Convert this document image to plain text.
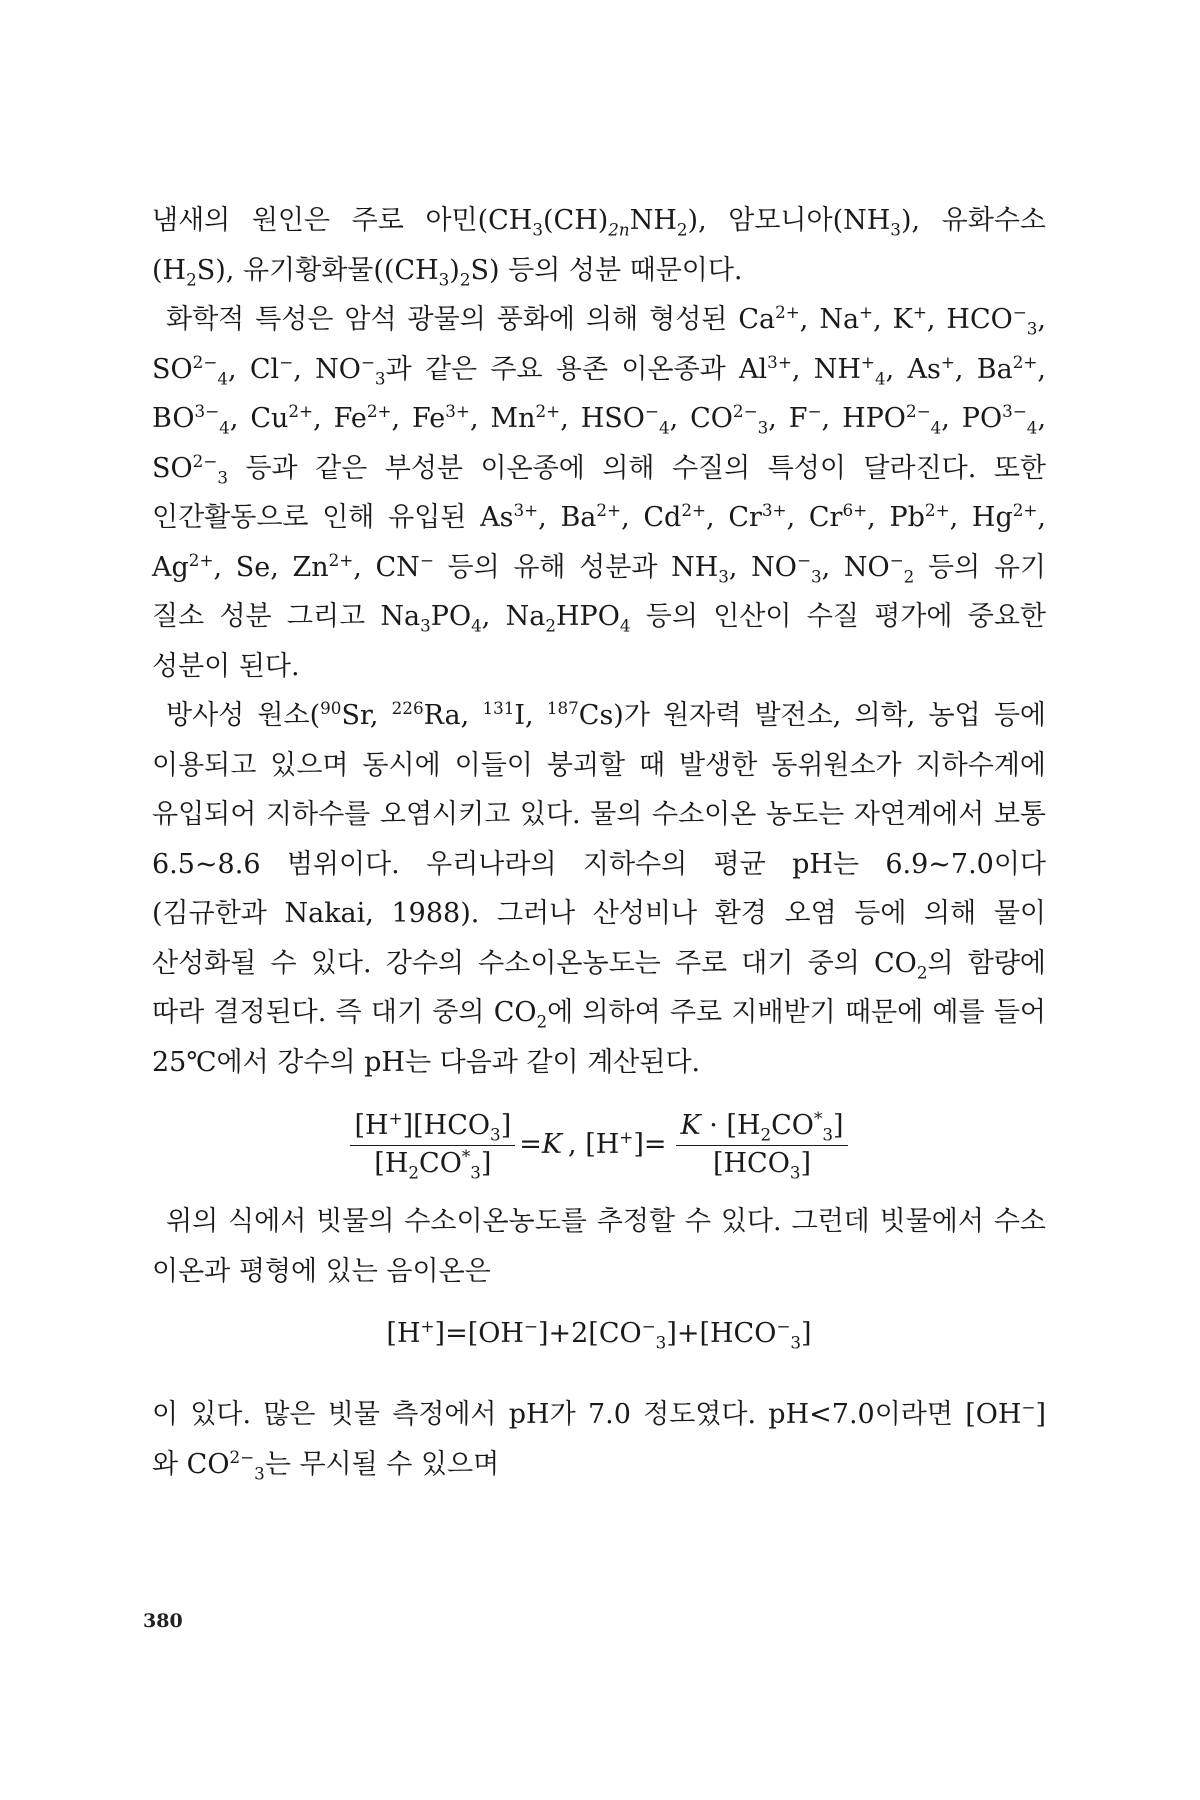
냄새의 원인은 주로 아민$(CH_3(CH)_{2n}NH_2)$, 암모니아$(NH_3)$, 유화수소 $(H_2S)$, 유기황화물$((CH_3)_2S)$ 등의 성분 때문이다.

화학적 특성은 암석 광물의 풍화에 의해 형성된 $Ca^{2+}$, Na+, K+, $HCO^-_3$, $SO^{2-}_4$, Cl−, $NO^-_3$과 같은 주요 용존 이온종과 $Al^{3+}$, $NH^+_4$, As+, $Ba^{2+}$, $BO^{3-}_4$, $Cu^{2+}$, $Fe^{2+}$, $Fe^{3+}$, $Mn^{2+}$, $HSO^-_4$, $CO^{2-}_3$, F−, $HPO^{2-}_4$, $PO^{3-}_4$, $SO^{2-}_3$ 등과 같은 부성분 이온종에 의해 수질의 특성이 달라진다. 또한 인간활동으로 인해 유입된 $As^{3+}$, $Ba^{2+}$, $Cd^{2+}$, $Cr^{3+}$, $Cr^{6+}$, $Pb^{2+}$, $Hg^{2+}$, $Ag^{2+}$, Se, $Zn^{2+}$, CN− 등의 유해 성분과 $NH_3$, $NO^-_3$, $NO^-_2$ 등의 유기 질소 성분 그리고 $Na_3PO_4$, $Na_2HPO_4$ 등의 인산이 수질 평가에 중요한 성분이 된다.

방사성 원소($^{90}$Sr, $^{226}$Ra, $^{131}$I, $^{187}$Cs)가 원자력 발전소, 의학, 농업 등에 이용되고 있으며 동시에 이들이 붕괴할 때 발생한 동위원소가 지하수계에 유입되어 지하수를 오염시키고 있다. 물의 수소이온 농도는 자연계에서 보통 6.5~8.6 범위이다. 우리나라의 지하수의 평균 pH는 6.9~7.0이다(김규한과 Nakai, 1988). 그러나 산성비나 환경 오염 등에 의해 물이 산성화될 수 있다. 강수의 수소이온농도는 주로 대기 중의 $CO_2$의 함량에 따라 결정된다. 즉 대기 중의 $CO_2$에 의하여 주로 지배받기 때문에 예를 들어 25℃에서 강수의 pH는 다음과 같이 계산된다.

$\frac{[H^+][HCO_3]}{[H_2CO^*_3]} = K$ , $[H^+]= \frac{K \cdot [H_2CO^*_3]}{[HCO_3]}$

위의 식에서 빗물의 수소이온농도를 추정할 수 있다. 그런데 빗물에서 수소 이온과 평형에 있는 음이온은

$[H^+]=[OH^-]+2[CO^-_3]+[HCO^-_3]$

이 있다. 많은 빗물 측정에서 pH가 7.0 정도였다. pH<7.0이라면 [OH−] 와 $CO^{2-}_3$는 무시될 수 있으며

380
